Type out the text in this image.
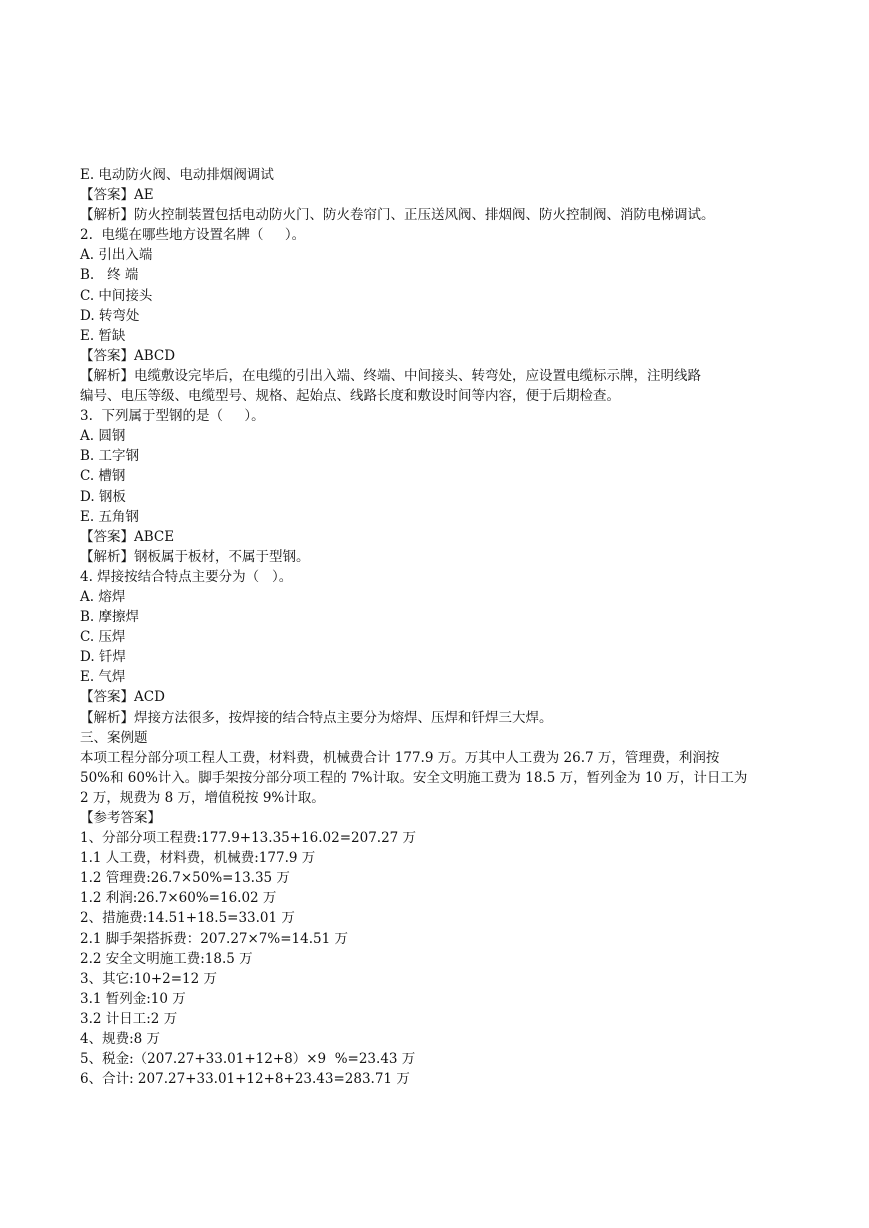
E. 电动防火阀、电动排烟阀调试
【答案】AE
【解析】防火控制装置包括电动防火门、防火卷帘门、正压送风阀、排烟阀、防火控制阀、消防电梯调试。
2.  电缆在哪些地方设置名牌（     ）。
A. 引出入端
B.   终 端
C. 中间接头
D. 转弯处
E. 暂缺
【答案】ABCD
【解析】电缆敷设完毕后，在电缆的引出入端、终端、中间接头、转弯处，应设置电缆标示牌，注明线路
编号、电压等级、电缆型号、规格、起始点、线路长度和敷设时间等内容，便于后期检查。
3.  下列属于型钢的是（     ）。
A. 圆钢
B. 工字钢
C. 槽钢
D. 钢板
E. 五角钢
【答案】ABCE
【解析】钢板属于板材，不属于型钢。
4. 焊接按结合特点主要分为（   ）。
A. 熔焊
B. 摩擦焊
C. 压焊
D. 钎焊
E. 气焊
【答案】ACD
【解析】焊接方法很多，按焊接的结合特点主要分为熔焊、压焊和钎焊三大焊。
三、案例题
本项工程分部分项工程人工费，材料费，机械费合计 177.9 万。万其中人工费为 26.7 万，管理费，利润按
50%和 60%计入。脚手架按分部分项工程的 7%计取。安全文明施工费为 18.5 万，暂列金为 10 万，计日工为
2 万，规费为 8 万，增值税按 9%计取。
【参考答案】
1、分部分项工程费:177.9+13.35+16.02=207.27 万
1.1 人工费，材料费，机械费:177.9 万
1.2 管理费:26.7×50%=13.35 万
1.2 利润:26.7×60%=16.02 万
2、措施费:14.51+18.5=33.01 万
2.1 脚手架搭拆费：207.27×7%=14.51 万
2.2 安全文明施工费:18.5 万
3、其它:10+2=12 万
3.1 暂列金:10 万
3.2 计日工:2 万
4、规费:8 万
5、税金:（207.27+33.01+12+8）×9  %=23.43 万
6、合计: 207.27+33.01+12+8+23.43=283.71 万
